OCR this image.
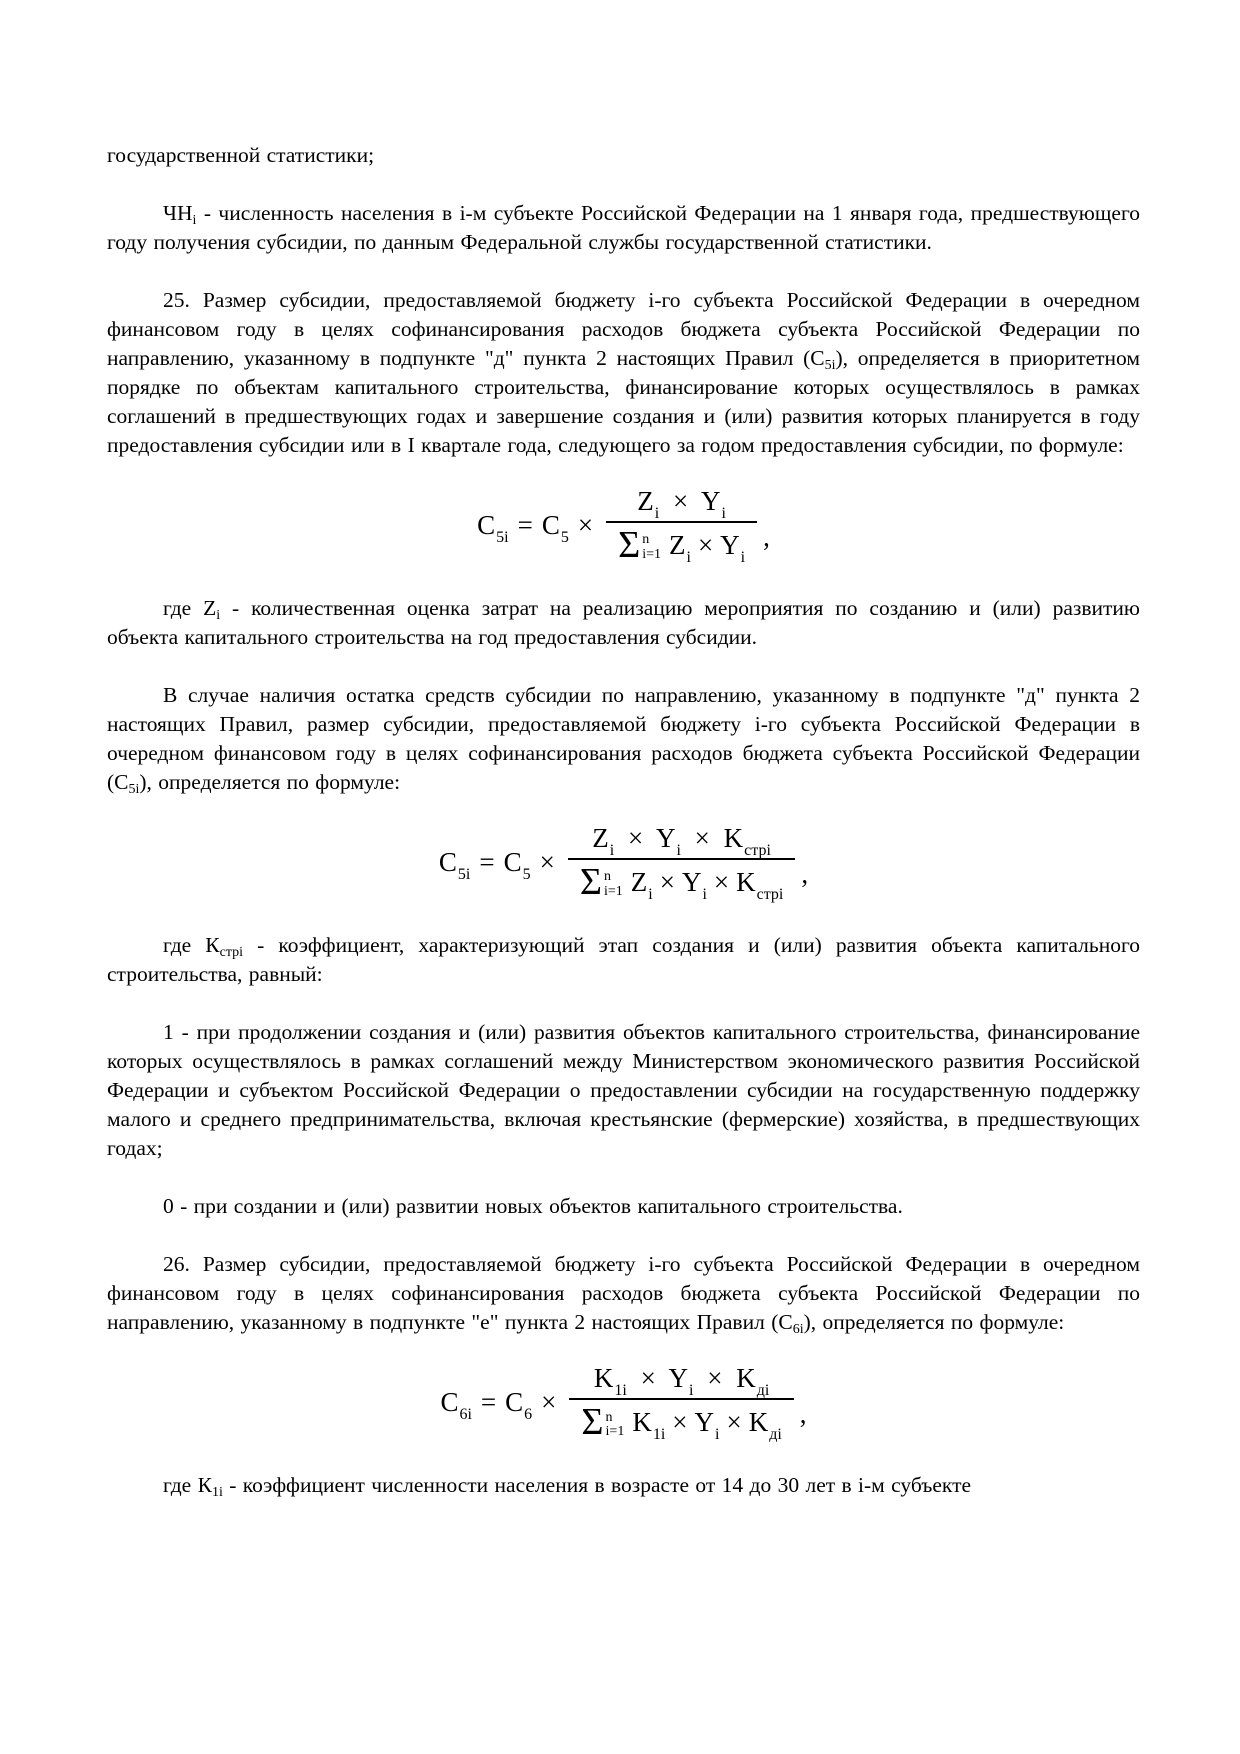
государственной статистики;

ЧНi - численность населения в i-м субъекте Российской Федерации на 1 января года, предшествующего году получения субсидии, по данным Федеральной службы государственной статистики.

25. Размер субсидии, предоставляемой бюджету i-го субъекта Российской Федерации в очередном финансовом году в целях софинансирования расходов бюджета субъекта Российской Федерации по направлению, указанному в подпункте "д" пункта 2 настоящих Правил (С5i), определяется в приоритетном порядке по объектам капитального строительства, финансирование которых осуществлялось в рамках соглашений в предшествующих годах и завершение создания и (или) развития которых планируется в году предоставления субсидии или в I квартале года, следующего за годом предоставления субсидии, по формуле:

$C_{5i} = C_5$ ×
$Z_i \times Y_i$
Σ n
i=1 $Z_i \times Y_i$
,

где Zi - количественная оценка затрат на реализацию мероприятия по созданию и (или) развитию объекта капитального строительства на год предоставления субсидии.

В случае наличия остатка средств субсидии по направлению, указанному в подпункте "д" пункта 2 настоящих Правил, размер субсидии, предоставляемой бюджету i-го субъекта Российской Федерации в очередном финансовом году в целях софинансирования расходов бюджета субъекта Российской Федерации (С5i), определяется по формуле:

$C_{5i} = C_5$ ×
$Z_i \times Y_i \times K_{стрi}$
Σ n
i=1 $Z_i \times Y_i \times K_{стрi}$
,

где Кстрi - коэффициент, характеризующий этап создания и (или) развития объекта капитального строительства, равный:

1 - при продолжении создания и (или) развития объектов капитального строительства, финансирование которых осуществлялось в рамках соглашений между Министерством экономического развития Российской Федерации и субъектом Российской Федерации о предоставлении субсидии на государственную поддержку малого и среднего предпринимательства, включая крестьянские (фермерские) хозяйства, в предшествующих годах;

0 - при создании и (или) развитии новых объектов капитального строительства.

26. Размер субсидии, предоставляемой бюджету i-го субъекта Российской Федерации в очередном финансовом году в целях софинансирования расходов бюджета субъекта Российской Федерации по направлению, указанному в подпункте "е" пункта 2 настоящих Правил (С6i), определяется по формуле:

$C_{6i} = C_6$ ×
$K_{1i} \times Y_i \times K_{дi}$
Σ n
i=1 $K_{1i} \times Y_i \times K_{дi}$
,

где К1i - коэффициент численности населения в возрасте от 14 до 30 лет в i-м субъекте
